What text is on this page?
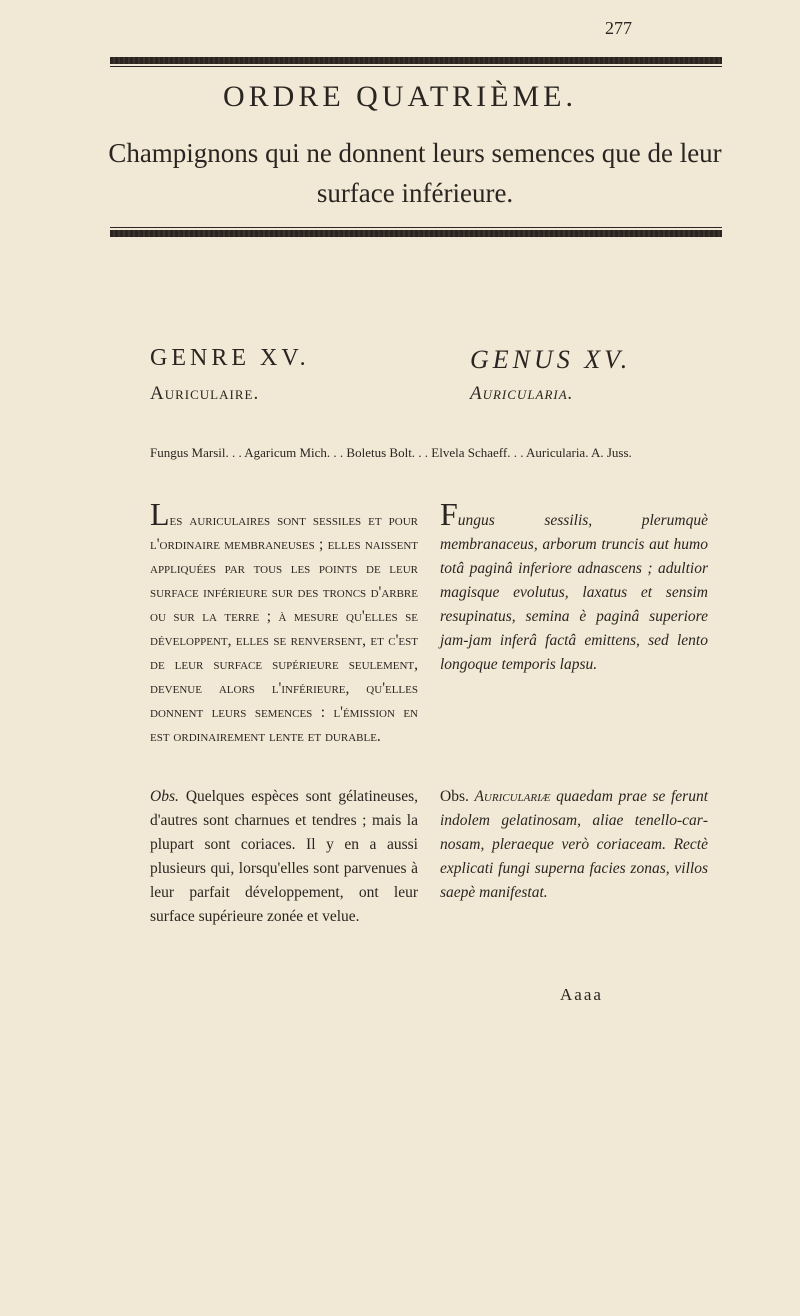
277
ORDRE QUATRIÈME.
Champignons qui ne donnent leurs semences que de leur surface inférieure.
GENRE XV.	GENUS XV.
Auriculaire.	Auricularia.
Fungus Marsil. . . Agaricum Mich. . . Boletus Bolt. . . Elvela Schaeff. . . Auricularia. A. Juss.
Les auriculaires sont sessiles et pour l'ordinaire membraneuses ; elles naissent appliquées par tous les points de leur surface inférieure sur des troncs d'arbre ou sur la terre ; à mesure qu'elles se développent, elles se renversent, et c'est de leur surface supérieure seulement, devenue alors l'inférieure, qu'elles donnent leurs semences : l'émission en est ordinairement lente et durable.
Fungus sessilis, plerumquè membranaceus, arborum truncis aut humo totâ paginâ inferiore adnascens ; adultior magisque evolutus, laxatus et sensim resupinatus, semina è paginâ superiore jam-jam inferâ factâ emittens, sed lento longoque temporis lapsu.
Obs. Quelques espèces sont gélatineuses, d'autres sont charnues et tendres ; mais la plupart sont coriaces. Il y en a aussi plusieurs qui, lorsqu'elles sont parvenues à leur parfait développement, ont leur surface supérieure zonée et velue.
Obs. Auriculariæ quaedam prae se ferunt indolem gelatinosam, aliae tenello-carnosam, pleraeque verò coriaceam. Rectè explicati fungi superna facies zonas, villos saepè manifestat.
Aaaa
